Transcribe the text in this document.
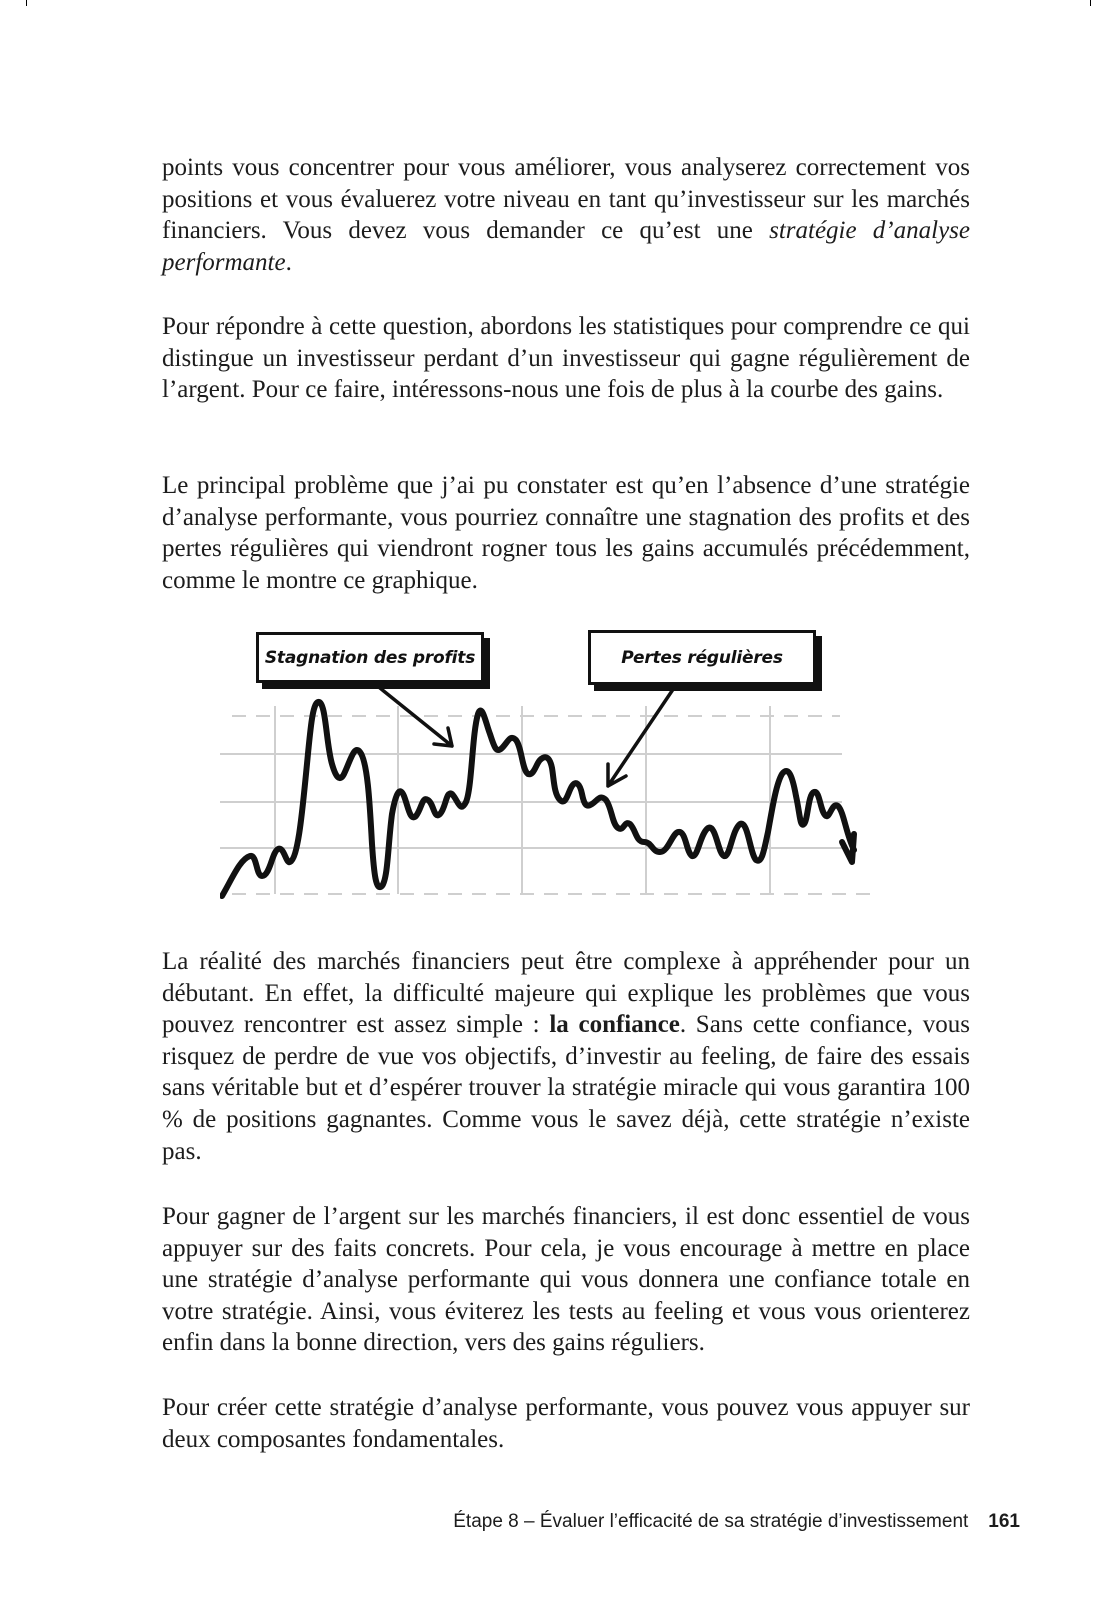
points vous concentrer pour vous améliorer, vous analyserez correctement vos positions et vous évaluerez votre niveau en tant qu’investisseur sur les marchés financiers. Vous devez vous demander ce qu’est une stratégie d’analyse performante.

Pour répondre à cette question, abordons les statistiques pour comprendre ce qui distingue un investisseur perdant d’un investisseur qui gagne régulièrement de l’argent. Pour ce faire, intéressons-nous une fois de plus à la courbe des gains.

Le principal problème que j’ai pu constater est qu’en l’absence d’une stratégie d’analyse performante, vous pourriez connaître une stagnation des profits et des pertes régulières qui viendront rogner tous les gains accumulés précédemment, comme le montre ce graphique.

Stagnation des profits	Pertes régulières

La réalité des marchés financiers peut être complexe à appréhender pour un débutant. En effet, la difficulté majeure qui explique les problèmes que vous pouvez rencontrer est assez simple : la confiance. Sans cette confiance, vous risquez de perdre de vue vos objectifs, d’investir au feeling, de faire des essais sans véritable but et d’espérer trouver la stratégie miracle qui vous garantira 100 % de positions gagnantes. Comme vous le savez déjà, cette stratégie n’existe pas.

Pour gagner de l’argent sur les marchés financiers, il est donc essentiel de vous appuyer sur des faits concrets. Pour cela, je vous encourage à mettre en place une stratégie d’analyse performante qui vous donnera une confiance totale en votre stratégie. Ainsi, vous éviterez les tests au feeling et vous vous orienterez enfin dans la bonne direction, vers des gains réguliers.

Pour créer cette stratégie d’analyse performante, vous pouvez vous appuyer sur deux composantes fondamentales.

Étape 8 – Évaluer l’efficacité de sa stratégie d’investissement 161
